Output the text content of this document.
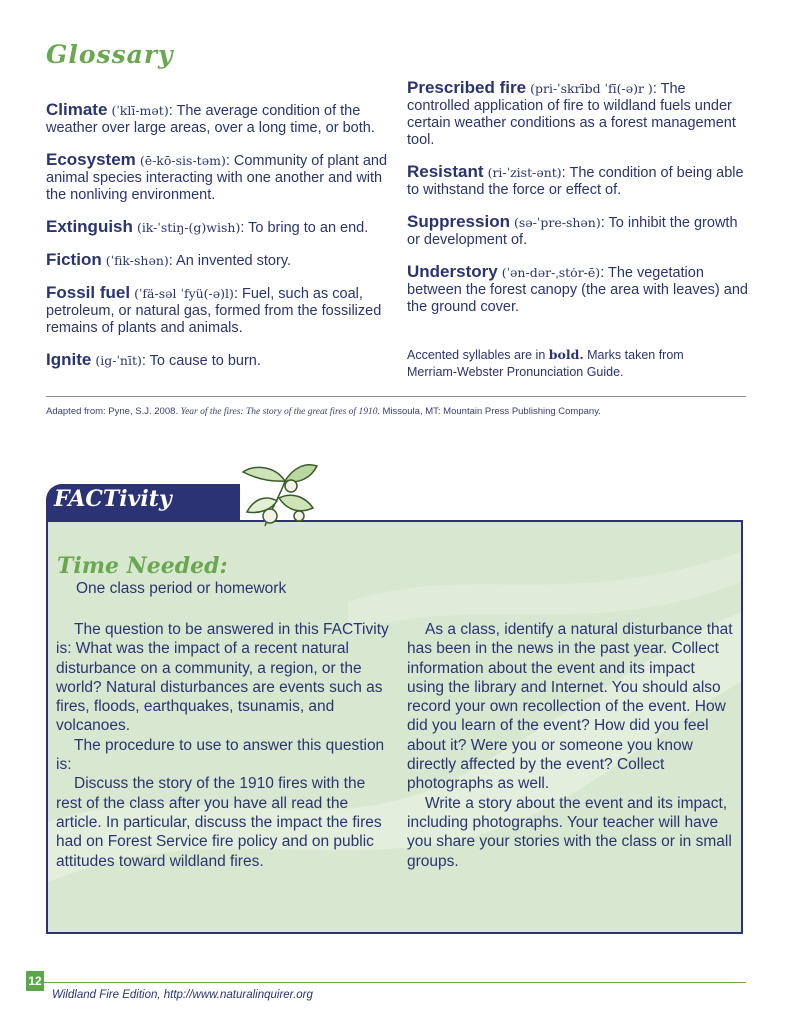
Glossary
Climate (ˈklī-mət): The average condition of the weather over large areas, over a long time, or both.
Ecosystem (ē-kō-sis-təm): Community of plant and animal species interacting with one another and with the nonliving environment.
Extinguish (ik-ˈstiŋ-(g)wish): To bring to an end.
Fiction (ˈfik-shən): An invented story.
Fossil fuel (ˈfä-səl ˈfyü(-ə)l): Fuel, such as coal, petroleum, or natural gas, formed from the fossilized remains of plants and animals.
Ignite (ig-ˈnīt): To cause to burn.
Prescribed fire (pri-ˈskrībd ˈfī(-ə)r ): The controlled application of fire to wildland fuels under certain weather conditions as a forest management tool.
Resistant (ri-ˈzist-ənt): The condition of being able to withstand the force or effect of.
Suppression (sə-ˈpre-shən): To inhibit the growth or development of.
Understory (ˈən-dər-ˌstȯr-ē): The vegetation between the forest canopy (the area with leaves) and the ground cover.
Accented syllables are in bold. Marks taken from Merriam-Webster Pronunciation Guide.
Adapted from: Pyne, S.J. 2008. Year of the fires: The story of the great fires of 1910. Missoula, MT: Mountain Press Publishing Company.
FACTivity
Time Needed:
One class period or homework

The question to be answered in this FACTivity is: What was the impact of a recent natural disturbance on a community, a region, or the world? Natural disturbances are events such as fires, floods, earthquakes, tsunamis, and volcanoes.

The procedure to use to answer this question is:

Discuss the story of the 1910 fires with the rest of the class after you have all read the article. In particular, discuss the impact the fires had on Forest Service fire policy and on public attitudes toward wildland fires.

As a class, identify a natural disturbance that has been in the news in the past year. Collect information about the event and its impact using the library and Internet. You should also record your own recollection of the event. How did you learn of the event? How did you feel about it? Were you or someone you know directly affected by the event? Collect photographs as well.

Write a story about the event and its impact, including photographs. Your teacher will have you share your stories with the class or in small groups.

12
Wildland Fire Edition, http://www.naturalinquirer.org
